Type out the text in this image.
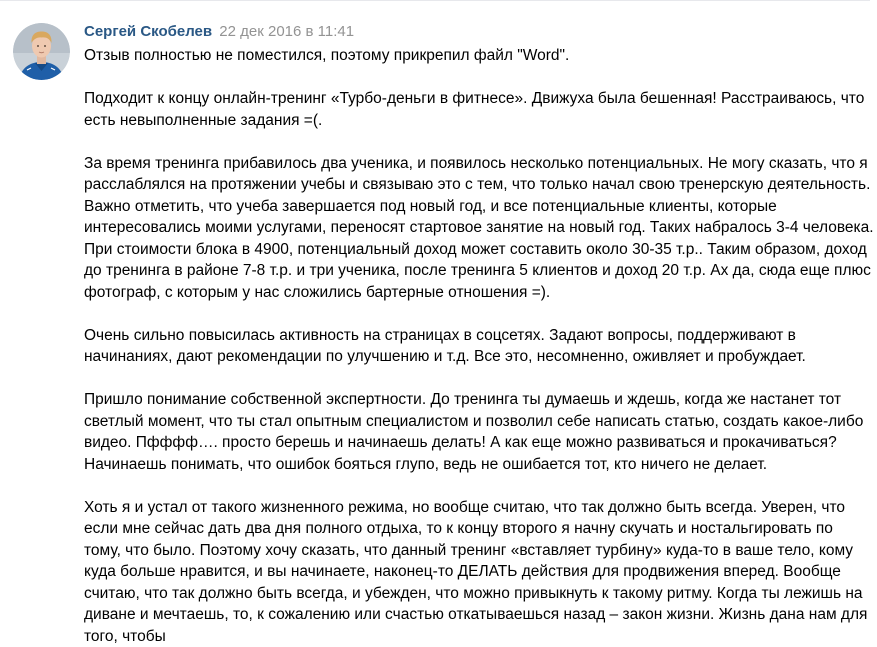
Сергей Скобелев 22 дек 2016 в 11:41

Отзыв полностью не поместился, поэтому прикрепил файл "Word".

Подходит к концу онлайн-тренинг «Турбо-деньги в фитнесе». Движуха была бешенная! Расстраиваюсь, что есть невыполненные задания =(.

За время тренинга прибавилось два ученика, и появилось несколько потенциальных. Не могу сказать, что я расслаблялся на протяжении учебы и связываю это с тем, что только начал свою тренерскую деятельность. Важно отметить, что учеба завершается под новый год, и все потенциальные клиенты, которые интересовались моими услугами, переносят стартовое занятие на новый год. Таких набралось 3-4 человека. При стоимости блока в 4900, потенциальный доход может составить около 30-35 т.р.. Таким образом, доход до тренинга в районе 7-8 т.р. и три ученика, после тренинга 5 клиентов и доход 20 т.р. Ах да, сюда еще плюс фотограф, с которым у нас сложились бартерные отношения =).

Очень сильно повысилась активность на страницах в соцсетях. Задают вопросы, поддерживают в начинаниях, дают рекомендации по улучшению и т.д. Все это, несомненно, оживляет и пробуждает.

Пришло понимание собственной экспертности. До тренинга ты думаешь и ждешь, когда же настанет тот светлый момент, что ты стал опытным специалистом и позволил себе написать статью, создать какое-либо видео. Пфффф…. просто берешь и начинаешь делать! А как еще можно развиваться и прокачиваться? Начинаешь понимать, что ошибок бояться глупо, ведь не ошибается тот, кто ничего не делает.

Хоть я и устал от такого жизненного режима, но вообще считаю, что так должно быть всегда. Уверен, что если мне сейчас дать два дня полного отдыха, то к концу второго я начну скучать и ностальгировать по тому, что было. Поэтому хочу сказать, что данный тренинг «вставляет турбину» куда-то в ваше тело, кому куда больше нравится, и вы начинаете, наконец-то ДЕЛАТЬ действия для продвижения вперед. Вообще считаю, что так должно быть всегда, и убежден, что можно привыкнуть к такому ритму. Когда ты лежишь на диване и мечтаешь, то, к сожалению или счастью откатываешься назад – закон жизни. Жизнь дана нам для того, чтобы
